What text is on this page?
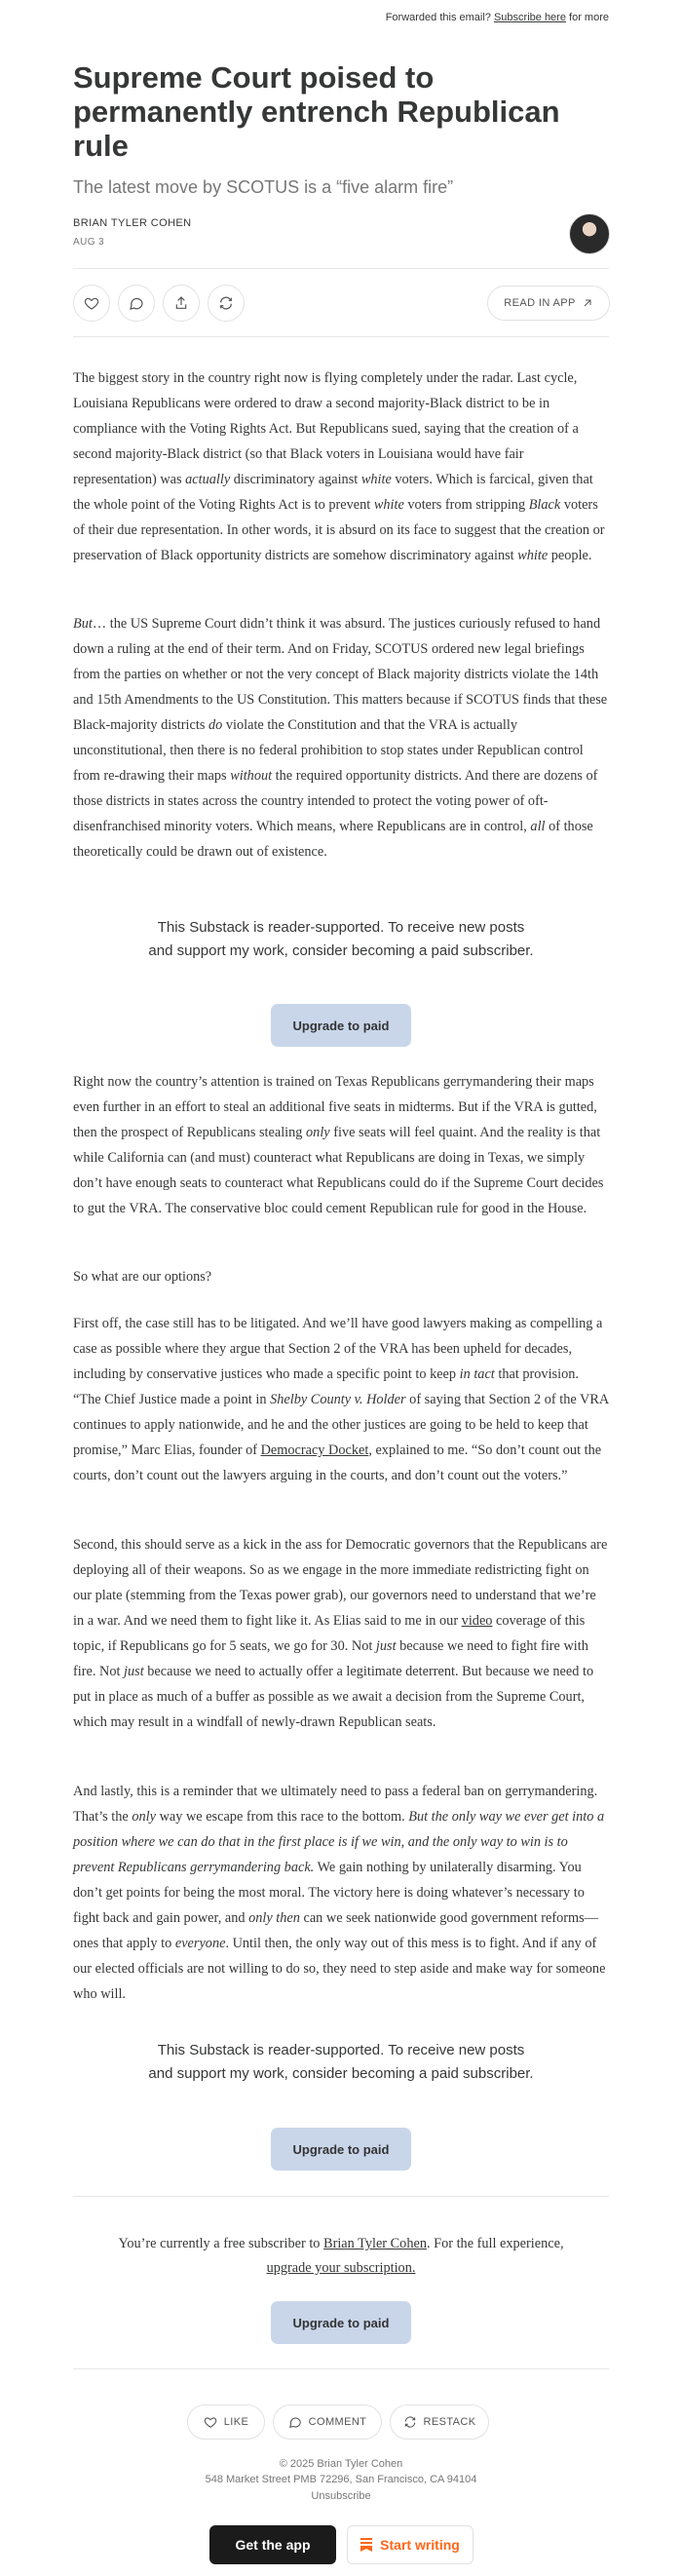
Forwarded this email? Subscribe here for more
Supreme Court poised to permanently entrench Republican rule

The latest move by SCOTUS is a “five alarm fire”

BRIAN TYLER COHEN
AUG 3
READ IN APP

The biggest story in the country right now is flying completely under the radar. Last cycle, Louisiana Republicans were ordered to draw a second majority-Black district to be in compliance with the Voting Rights Act. But Republicans sued, saying that the creation of a second majority-Black district (so that Black voters in Louisiana would have fair representation) was actually discriminatory against white voters. Which is farcical, given that the whole point of the Voting Rights Act is to prevent white voters from stripping Black voters of their due representation. In other words, it is absurd on its face to suggest that the creation or preservation of Black opportunity districts are somehow discriminatory against white people.

But… the US Supreme Court didn’t think it was absurd. The justices curiously refused to hand down a ruling at the end of their term. And on Friday, SCOTUS ordered new legal briefings from the parties on whether or not the very concept of Black majority districts violate the 14th and 15th Amendments to the US Constitution. This matters because if SCOTUS finds that these Black-majority districts do violate the Constitution and that the VRA is actually unconstitutional, then there is no federal prohibition to stop states under Republican control from re-drawing their maps without the required opportunity districts. And there are dozens of those districts in states across the country intended to protect the voting power of oft-disenfranchised minority voters. Which means, where Republicans are in control, all of those theoretically could be drawn out of existence.

This Substack is reader-supported. To receive new posts and support my work, consider becoming a paid subscriber.

Upgrade to paid

Right now the country’s attention is trained on Texas Republicans gerrymandering their maps even further in an effort to steal an additional five seats in midterms. But if the VRA is gutted, then the prospect of Republicans stealing only five seats will feel quaint. And the reality is that while California can (and must) counteract what Republicans are doing in Texas, we simply don’t have enough seats to counteract what Republicans could do if the Supreme Court decides to gut the VRA. The conservative bloc could cement Republican rule for good in the House.

So what are our options?

First off, the case still has to be litigated. And we’ll have good lawyers making as compelling a case as possible where they argue that Section 2 of the VRA has been upheld for decades, including by conservative justices who made a specific point to keep in tact that provision. “The Chief Justice made a point in Shelby County v. Holder of saying that Section 2 of the VRA continues to apply nationwide, and he and the other justices are going to be held to keep that promise,” Marc Elias, founder of Democracy Docket, explained to me. “So don’t count out the courts, don’t count out the lawyers arguing in the courts, and don’t count out the voters.”

Second, this should serve as a kick in the ass for Democratic governors that the Republicans are deploying all of their weapons. So as we engage in the more immediate redistricting fight on our plate (stemming from the Texas power grab), our governors need to understand that we’re in a war. And we need them to fight like it. As Elias said to me in our video coverage of this topic, if Republicans go for 5 seats, we go for 30. Not just because we need to fight fire with fire. Not just because we need to actually offer a legitimate deterrent. But because we need to put in place as much of a buffer as possible as we await a decision from the Supreme Court, which may result in a windfall of newly-drawn Republican seats.

And lastly, this is a reminder that we ultimately need to pass a federal ban on gerrymandering. That’s the only way we escape from this race to the bottom. But the only way we ever get into a position where we can do that in the first place is if we win, and the only way to win is to prevent Republicans gerrymandering back. We gain nothing by unilaterally disarming. You don’t get points for being the most moral. The victory here is doing whatever’s necessary to fight back and gain power, and only then can we seek nationwide good government reforms— ones that apply to everyone. Until then, the only way out of this mess is to fight. And if any of our elected officials are not willing to do so, they need to step aside and make way for someone who will.

This Substack is reader-supported. To receive new posts and support my work, consider becoming a paid subscriber.

Upgrade to paid

You’re currently a free subscriber to Brian Tyler Cohen. For the full experience, upgrade your subscription.

Upgrade to paid
LIKE	COMMENT	RESTACK
© 2025 Brian Tyler Cohen
548 Market Street PMB 72296, San Francisco, CA 94104
Unsubscribe
Get the app	Start writing
